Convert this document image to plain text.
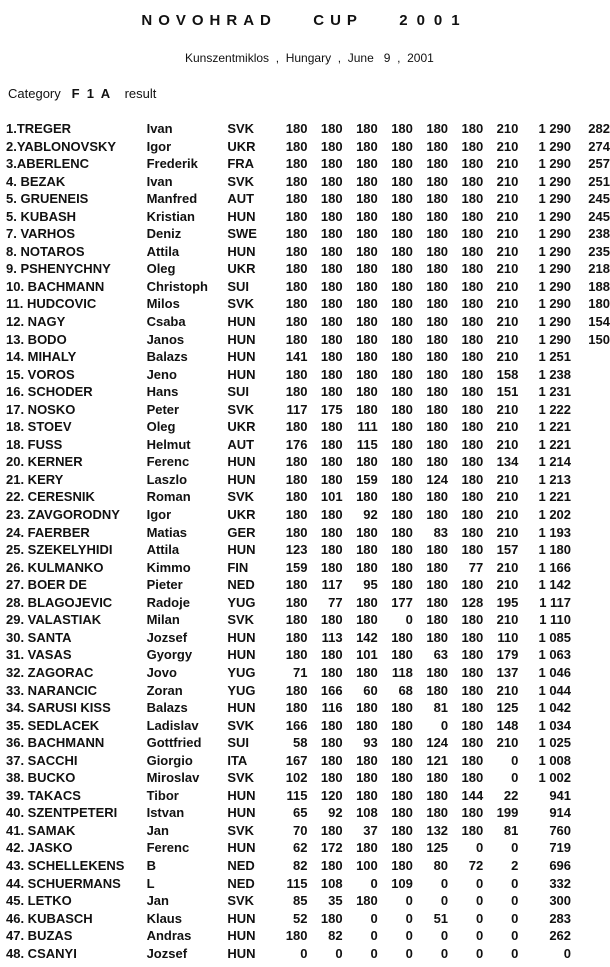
NOVOHRAD CUP 2001
Kunszentmiklos  ,  Hungary  ,  June   9  ,  2001
Category F  1  A result
1.TREGER	Ivan	SVK	180	180	180	180	180	180	210	1 290	282
2.YABLONOVSKY	Igor	UKR	180	180	180	180	180	180	210	1 290	274
3.ABERLENC	Frederik	FRA	180	180	180	180	180	180	210	1 290	257
4. BEZAK	Ivan	SVK	180	180	180	180	180	180	210	1 290	251
5. GRUENEIS	Manfred	AUT	180	180	180	180	180	180	210	1 290	245
5. KUBASH	Kristian	HUN	180	180	180	180	180	180	210	1 290	245
7. VARHOS	Deniz	SWE	180	180	180	180	180	180	210	1 290	238
8. NOTAROS	Attila	HUN	180	180	180	180	180	180	210	1 290	235
9. PSHENYCHNY	Oleg	UKR	180	180	180	180	180	180	210	1 290	218
10. BACHMANN	Christoph	SUI	180	180	180	180	180	180	210	1 290	188
11. HUDCOVIC	Milos	SVK	180	180	180	180	180	180	210	1 290	180
12. NAGY	Csaba	HUN	180	180	180	180	180	180	210	1 290	154
13. BODO	Janos	HUN	180	180	180	180	180	180	210	1 290	150
14. MIHALY	Balazs	HUN	141	180	180	180	180	180	210	1 251	
15. VOROS	Jeno	HUN	180	180	180	180	180	180	158	1 238	
16. SCHODER	Hans	SUI	180	180	180	180	180	180	151	1 231	
17. NOSKO	Peter	SVK	117	175	180	180	180	180	210	1 222	
18. STOEV	Oleg	UKR	180	180	111	180	180	180	210	1 221	
18. FUSS	Helmut	AUT	176	180	115	180	180	180	210	1 221	
20. KERNER	Ferenc	HUN	180	180	180	180	180	180	134	1 214	
21. KERY	Laszlo	HUN	180	180	159	180	124	180	210	1 213	
22. CERESNIK	Roman	SVK	180	101	180	180	180	180	210	1 221	
23. ZAVGORODNY	Igor	UKR	180	180	92	180	180	180	210	1 202	
24. FAERBER	Matias	GER	180	180	180	180	83	180	210	1 193	
25. SZEKELYHIDI	Attila	HUN	123	180	180	180	180	180	157	1 180	
26. KULMANKO	Kimmo	FIN	159	180	180	180	180	77	210	1 166	
27. BOER DE	Pieter	NED	180	117	95	180	180	180	210	1 142	
28. BLAGOJEVIC	Radoje	YUG	180	77	180	177	180	128	195	1 117	
29. VALASTIAK	Milan	SVK	180	180	180	0	180	180	210	1 110	
30. SANTA	Jozsef	HUN	180	113	142	180	180	180	110	1 085	
31. VASAS	Gyorgy	HUN	180	180	101	180	63	180	179	1 063	
32. ZAGORAC	Jovo	YUG	71	180	180	118	180	180	137	1 046	
33. NARANCIC	Zoran	YUG	180	166	60	68	180	180	210	1 044	
34. SARUSI KISS	Balazs	HUN	180	116	180	180	81	180	125	1 042	
35. SEDLACEK	Ladislav	SVK	166	180	180	180	0	180	148	1 034	
36. BACHMANN	Gottfried	SUI	58	180	93	180	124	180	210	1 025	
37. SACCHI	Giorgio	ITA	167	180	180	180	121	180	0	1 008	
38. BUCKO	Miroslav	SVK	102	180	180	180	180	180	0	1 002	
39. TAKACS	Tibor	HUN	115	120	180	180	180	144	22	941	
40. SZENTPETERI	Istvan	HUN	65	92	108	180	180	180	199	914	
41. SAMAK	Jan	SVK	70	180	37	180	132	180	81	760	
42. JASKO	Ferenc	HUN	62	172	180	180	125	0	0	719	
43. SCHELLEKENS	B	NED	82	180	100	180	80	72	2	696	
44. SCHUERMANS	L	NED	115	108	0	109	0	0	0	332	
45. LETKO	Jan	SVK	85	35	180	0	0	0	0	300	
46. KUBASCH	Klaus	HUN	52	180	0	0	51	0	0	283	
47. BUZAS	Andras	HUN	180	82	0	0	0	0	0	262	
48. CSANYI	Jozsef	HUN	0	0	0	0	0	0	0	0	
